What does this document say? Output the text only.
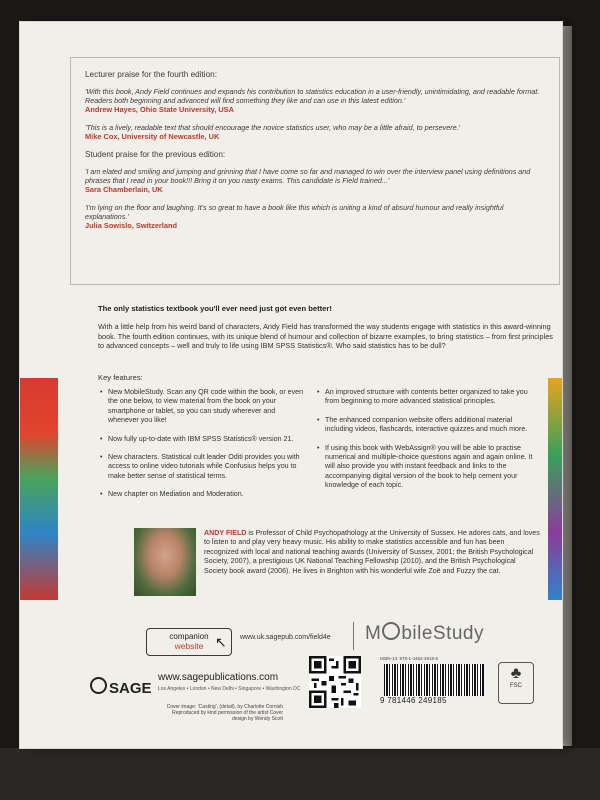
Lecturer praise for the fourth edition:

'With this book, Andy Field continues and expands his contribution to statistics education in a user-friendly, unintimidating, and readable format. Readers both beginning and advanced will find something they like and can use in this latest edition.'

Andrew Hayes, Ohio State University, USA

'This is a lively, readable text that should encourage the novice statistics user, who may be a little afraid, to persevere.'

Mike Cox, University of Newcastle, UK

Student praise for the previous edition:

'I am elated and smiling and jumping and grinning that I have come so far and managed to win over the interview panel using definitions and phrases that I read in your book!!! Bring it on you nasty exams. This candidate is Field trained...'

Sara Chamberlain, UK

'I'm lying on the floor and laughing. It's so great to have a book like this which is uniting a kind of absurd humour and really insightful explanations.'

Julia Sowislo, Switzerland

The only statistics textbook you'll ever need just got even better!

With a little help from his weird band of characters, Andy Field has transformed the way students engage with statistics in this award-winning book. The fourth edition continues, with its unique blend of humour and collection of bizarre examples, to bring statistics – from first principles to advanced concepts – well and truly to life using IBM SPSS Statistics®. Who said statistics has to be dull?

Key features:
• New MobileStudy. Scan any QR code within the book, or even the one below, to view material from the book on your smartphone or tablet, so you can study wherever and whenever you like!
• Now fully up-to-date with IBM SPSS Statistics® version 21.
• New characters. Statistical cult leader Oditi provides you with access to online video tutorials while Confusius helps you to make better sense of statistical terms.
• New chapter on Mediation and Moderation.
• An improved structure with contents better organized to take you from beginning to more advanced statistical principles.
• The enhanced companion website offers additional material including videos, flashcards, interactive quizzes and much more.
• If using this book with WebAssign® you will be able to practise numerical and multiple-choice questions again and again online. It will also provide you with instant feedback and links to the accompanying digital version of the book to help cement your knowledge of each topic.

ANDY FIELD is Professor of Child Psychopathology at the University of Sussex. He adores cats, and loves to listen to and play very heavy music. His ability to make statistics accessible and fun has been recognized with local and national teaching awards (University of Sussex, 2001; the British Psychological Society, 2007), a prestigious UK National Teaching Fellowship (2010), and the British Psychological Society book award (2006). He lives in Brighton with his wonderful wife Zoë and Fuzzy the cat.

companion
website ↖ www.uk.sagepub.com/field4e M bileStudy
SAGE
www.sagepublications.com
Los Angeles • London • New Delhi • Singapore • Washington DC

Cover image: 'Casting', (detail), by Charlotte Cornish Reproduced by kind permission of the artist Cover design by Wendy Scott

ISBN-13: 978-1-4462-4918-5
9 781446 249185
♣
FSC
